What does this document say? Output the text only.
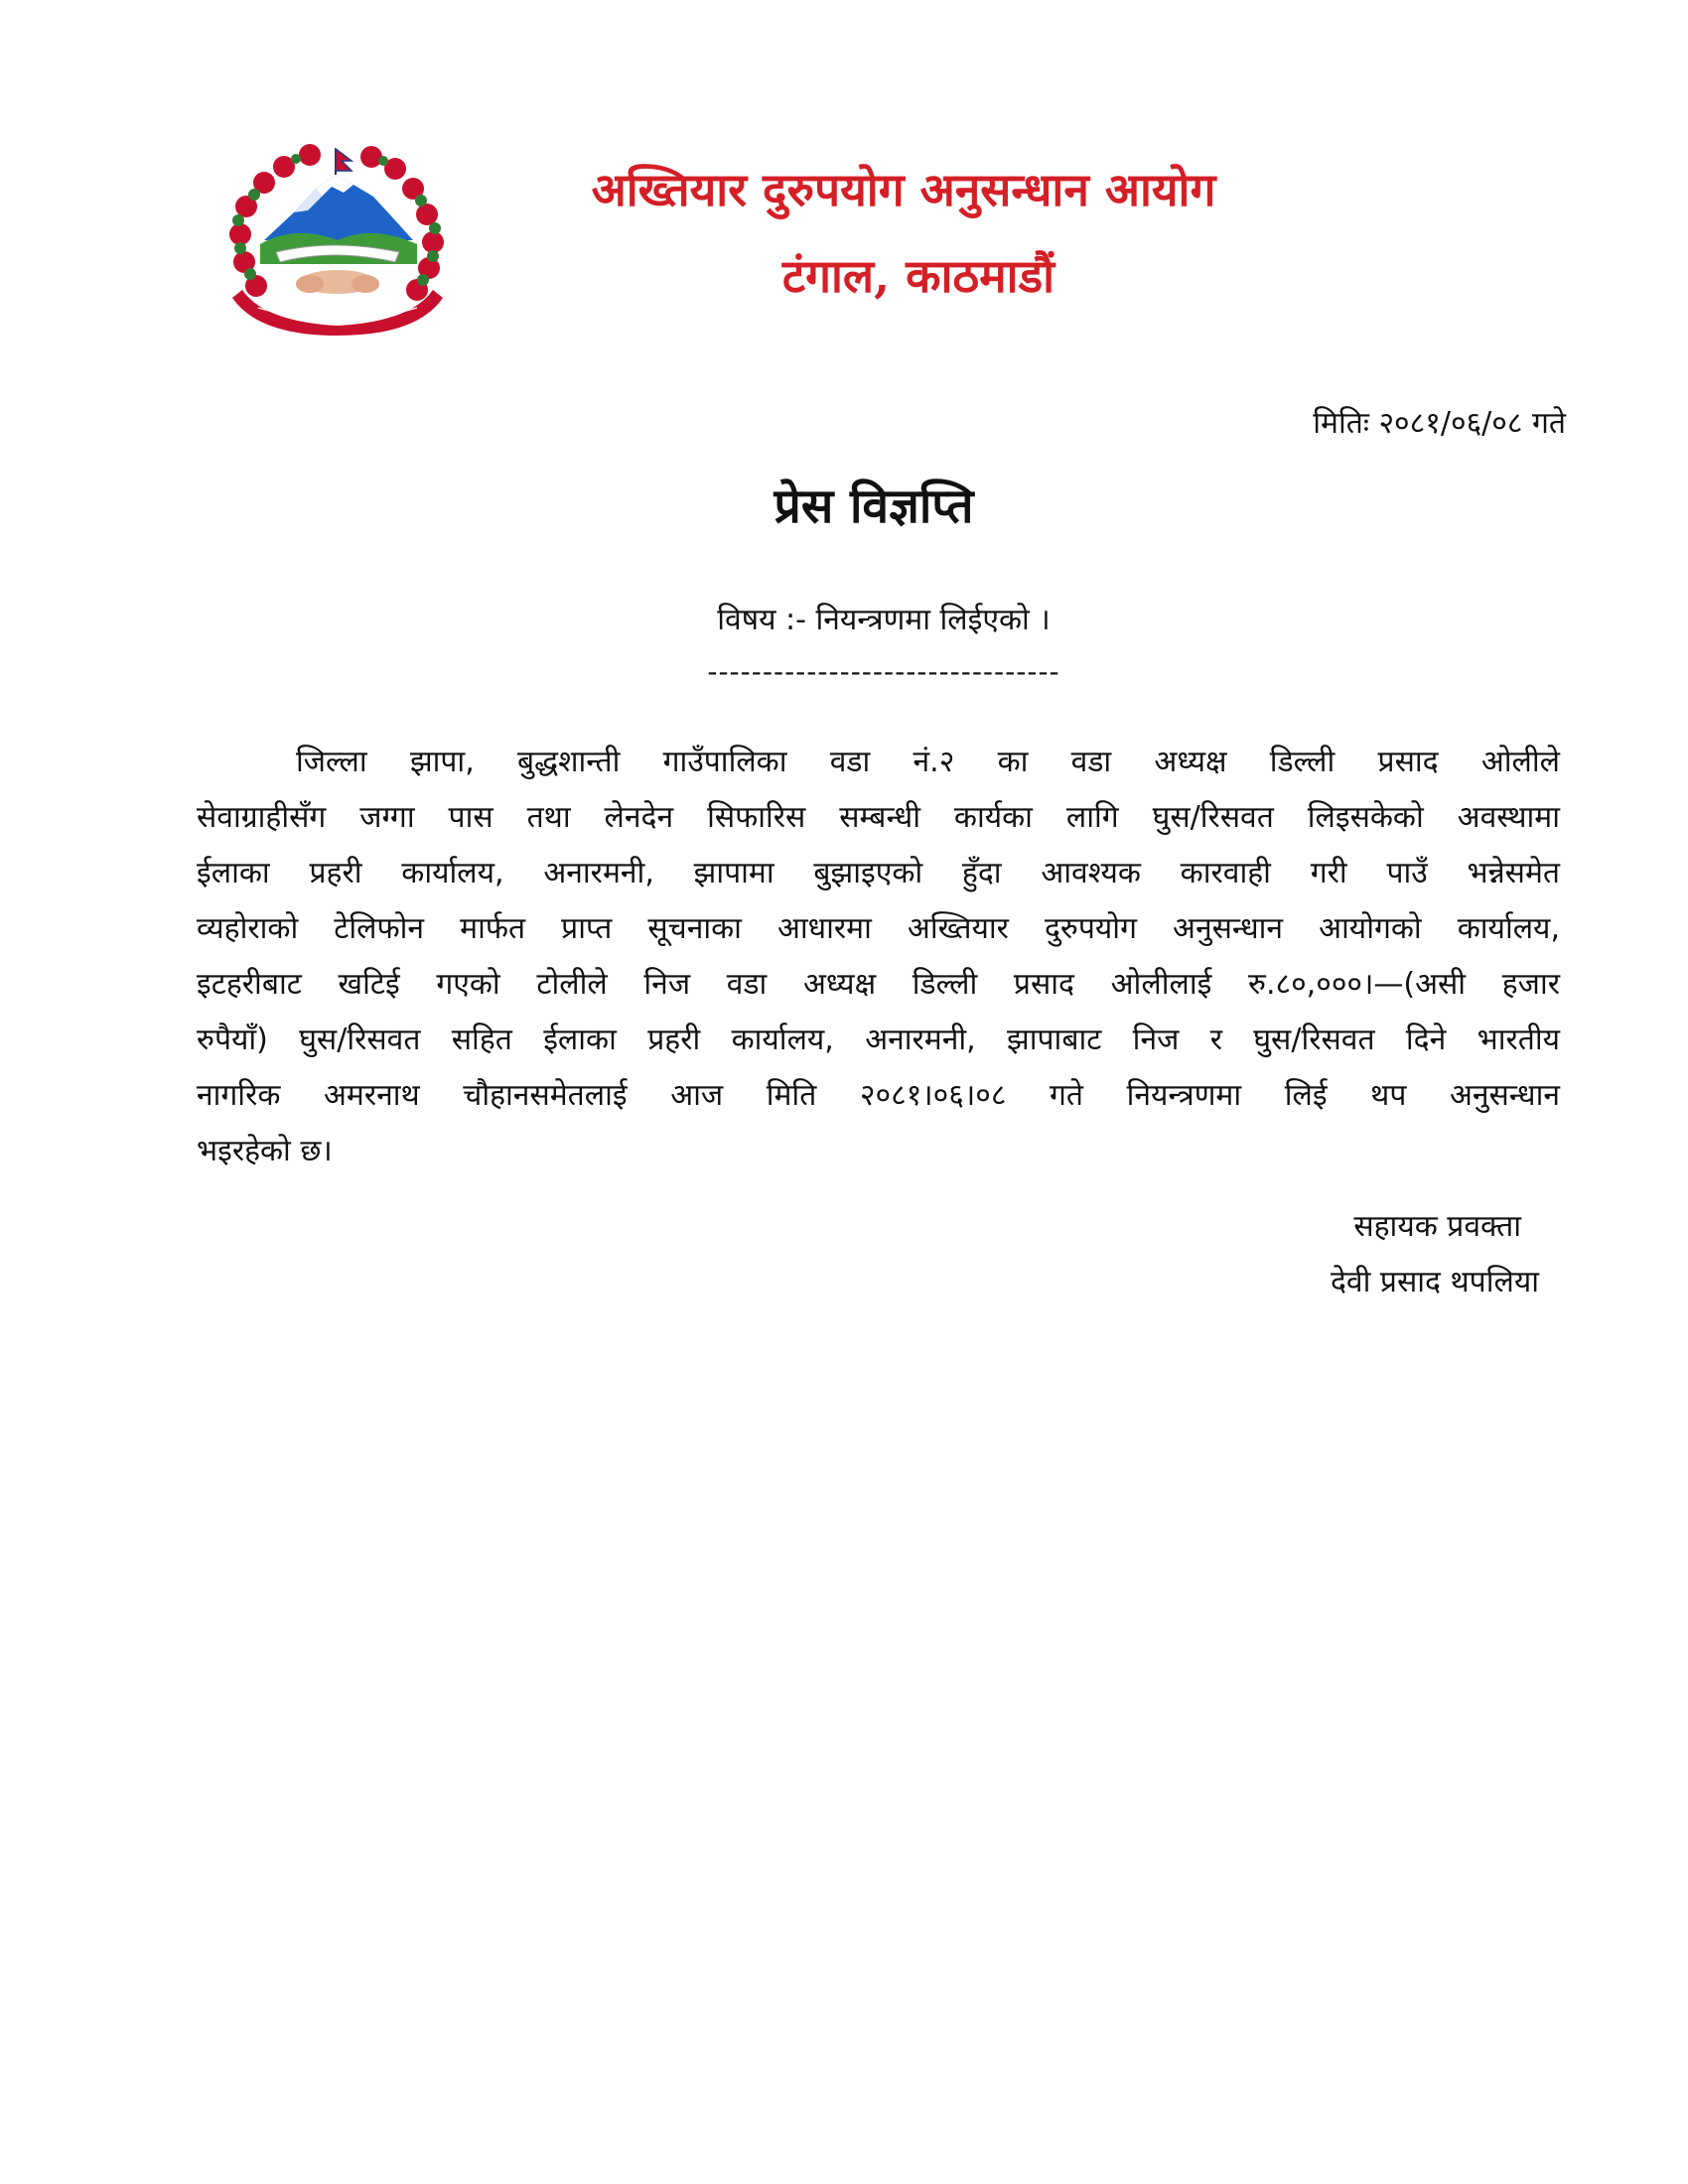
अख्तियार दुरुपयोग अनुसन्धान आयोग
टंगाल, काठमाडौं
मितिः २०८१/०६/०८ गते
प्रेस विज्ञप्ति
विषय :- नियन्त्रणमा लिईएको ।
--------------------------------
जिल्ला झापा, बुद्धशान्ती गाउँपालिका वडा नं.२ का वडा अध्यक्ष डिल्ली प्रसाद ओलीले
सेवाग्राहीसँग जग्गा पास तथा लेनदेन सिफारिस सम्बन्धी कार्यका लागि घुस/रिसवत लिइसकेको अवस्थामा
ईलाका प्रहरी कार्यालय, अनारमनी, झापामा बुझाइएको हुँदा आवश्यक कारवाही गरी पाउँ भन्नेसमेत
व्यहोराको टेलिफोन मार्फत प्राप्त सूचनाका आधारमा अख्तियार दुरुपयोग अनुसन्धान आयोगको कार्यालय,
इटहरीबाट खटिई गएको टोलीले निज वडा अध्यक्ष डिल्ली प्रसाद ओलीलाई रु.८०,०००।—(असी हजार
रुपैयाँ) घुस/रिसवत सहित ईलाका प्रहरी कार्यालय, अनारमनी, झापाबाट निज र घुस/रिसवत दिने भारतीय
नागरिक अमरनाथ चौहानसमेतलाई आज मिति २०८१।०६।०८ गते नियन्त्रणमा लिई थप अनुसन्धान
भइरहेको छ।
सहायक प्रवक्ता
देवी प्रसाद थपलिया
